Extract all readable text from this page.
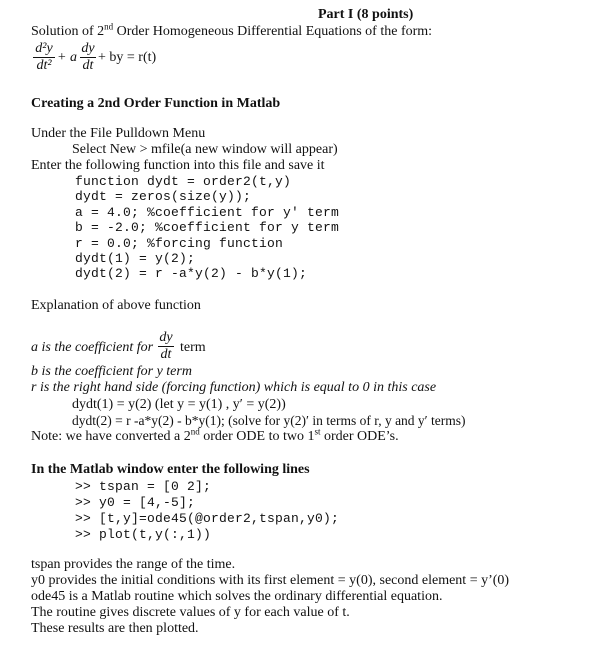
Part I (8 points)
Solution of 2nd Order Homogeneous Differential Equations of the form:
d²y
dt²
+ a
dy
dt
+ by = r(t)
Creating a 2nd Order Function in Matlab
Under the File Pulldown Menu
Select New > mfile(a new window will appear)
Enter the following function into this file and save it
function dydt = order2(t,y)
dydt = zeros(size(y));
a = 4.0; %coefficient for y' term
b = -2.0; %coefficient for y term
r = 0.0; %forcing function
dydt(1) = y(2);
dydt(2) = r -a*y(2) - b*y(1);
Explanation of above function
a is the coefficient for
dy
dt term
b is the coefficient for y term
r is the right hand side (forcing function) which is equal to 0 in this case
dydt(1) = y(2) (let y = y(1) , y′ = y(2))
dydt(2) = r -a*y(2) - b*y(1); (solve for y(2)′ in terms of r, y and y′ terms)
Note: we have converted a 2nd order ODE to two 1st order ODE’s.
In the Matlab window enter the following lines
>> tspan = [0 2];
>> y0 = [4,-5];
>> [t,y]=ode45(@order2,tspan,y0);
>> plot(t,y(:,1))
tspan provides the range of the time.
y0 provides the initial conditions with its first element = y(0), second element = y’(0)
ode45 is a Matlab routine which solves the ordinary differential equation.
The routine gives discrete values of y for each value of t.
These results are then plotted.
